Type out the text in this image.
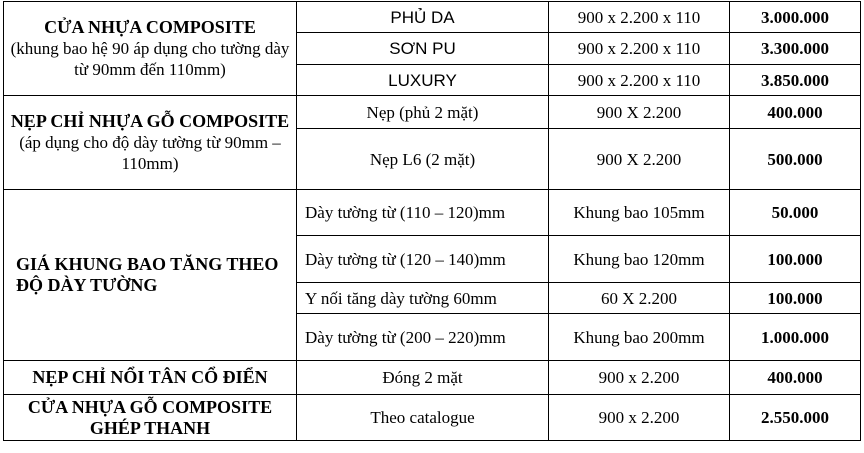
CỬA NHỰA COMPOSITE
(khung bao hệ 90 áp dụng cho tường dày từ 90mm đến 110mm)	PHỦ DA	900 x 2.200 x 110	3.000.000
	SƠN PU	900 x 2.200 x 110	3.300.000
	LUXURY	900 x 2.200 x 110	3.850.000

NẸP CHỈ NHỰA GỖ COMPOSITE
(áp dụng cho độ dày tường từ 90mm – 110mm)	Nẹp (phủ 2 mặt)	900 X 2.200	400.000
	Nẹp L6 (2 mặt)	900 X 2.200	500.000

GIÁ KHUNG BAO TĂNG THEO ĐỘ DÀY TƯỜNG	Dày tường từ (110 – 120)mm	Khung bao 105mm	50.000
	Dày tường từ (120 – 140)mm	Khung bao 120mm	100.000
	Y nối tăng dày tường 60mm	60 X 2.200	100.000
	Dày tường từ (200 – 220)mm	Khung bao 200mm	1.000.000

NẸP CHỈ NỔI TÂN CỔ ĐIỂN	Đóng 2 mặt	900 x 2.200	400.000

CỬA NHỰA GỖ COMPOSITE GHÉP THANH	Theo catalogue	900 x 2.200	2.550.000
